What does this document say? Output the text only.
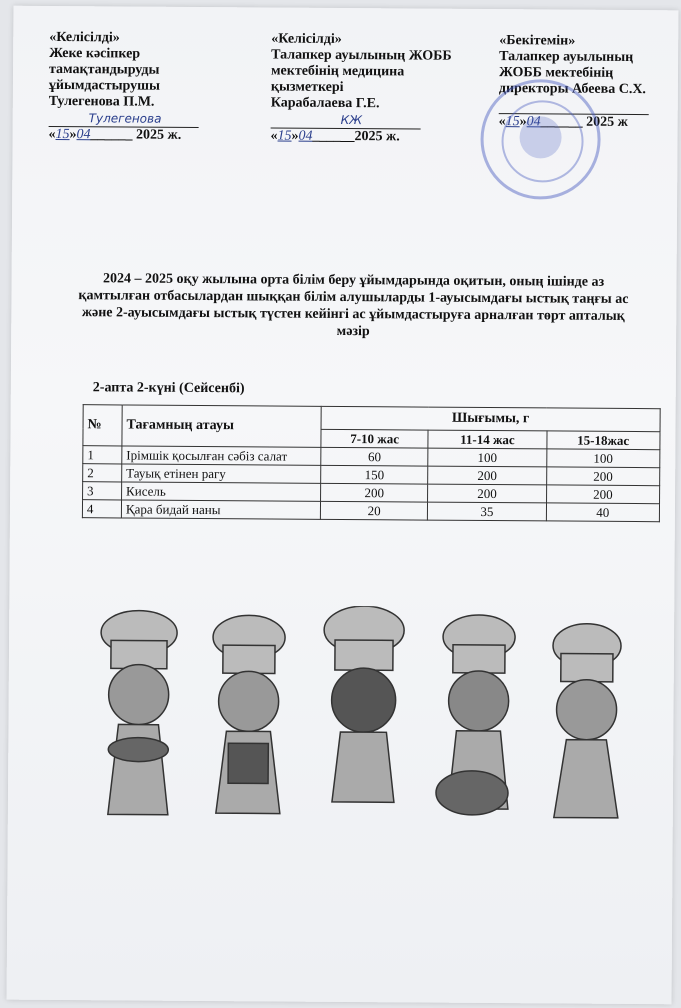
«Келісілді»
Жеке кәсіпкер
тамақтандыруды
ұйымдастырушы
Тулегенова П.М.
Тулегенова
«15»04______ 2025 ж.
«Келісілді»
Талапкер ауылының ЖОББ
мектебінің медицина
қызметкері
Карабалаева Г.Е.
КЖ
«15»04______2025 ж.
«Бекітемін»
Талапкер ауылының
ЖОББ мектебінің
директоры Абеева С.Х.
«15»04______ 2025 ж
2024 – 2025 оқу жылына орта білім беру ұйымдарында оқитын, оның ішінде аз қамтылған отбасылардан шыққан білім алушыларды 1-ауысымдағы ыстық таңғы ас және 2-ауысымдағы ыстық түстен кейінгі ас ұйымдастыруға арналған төрт апталық мәзір
2-апта 2-күні (Сейсенбі)
№	Тағамның атауы	Шығымы, г		
		7-10 жас	11-14 жас	15-18жас
1	Ірімшік қосылған сәбіз салат	60	100	100
2	Тауық етінен рагу	150	200	200
3	Кисель	200	200	200
4	Қара бидай наны	20	35	40
